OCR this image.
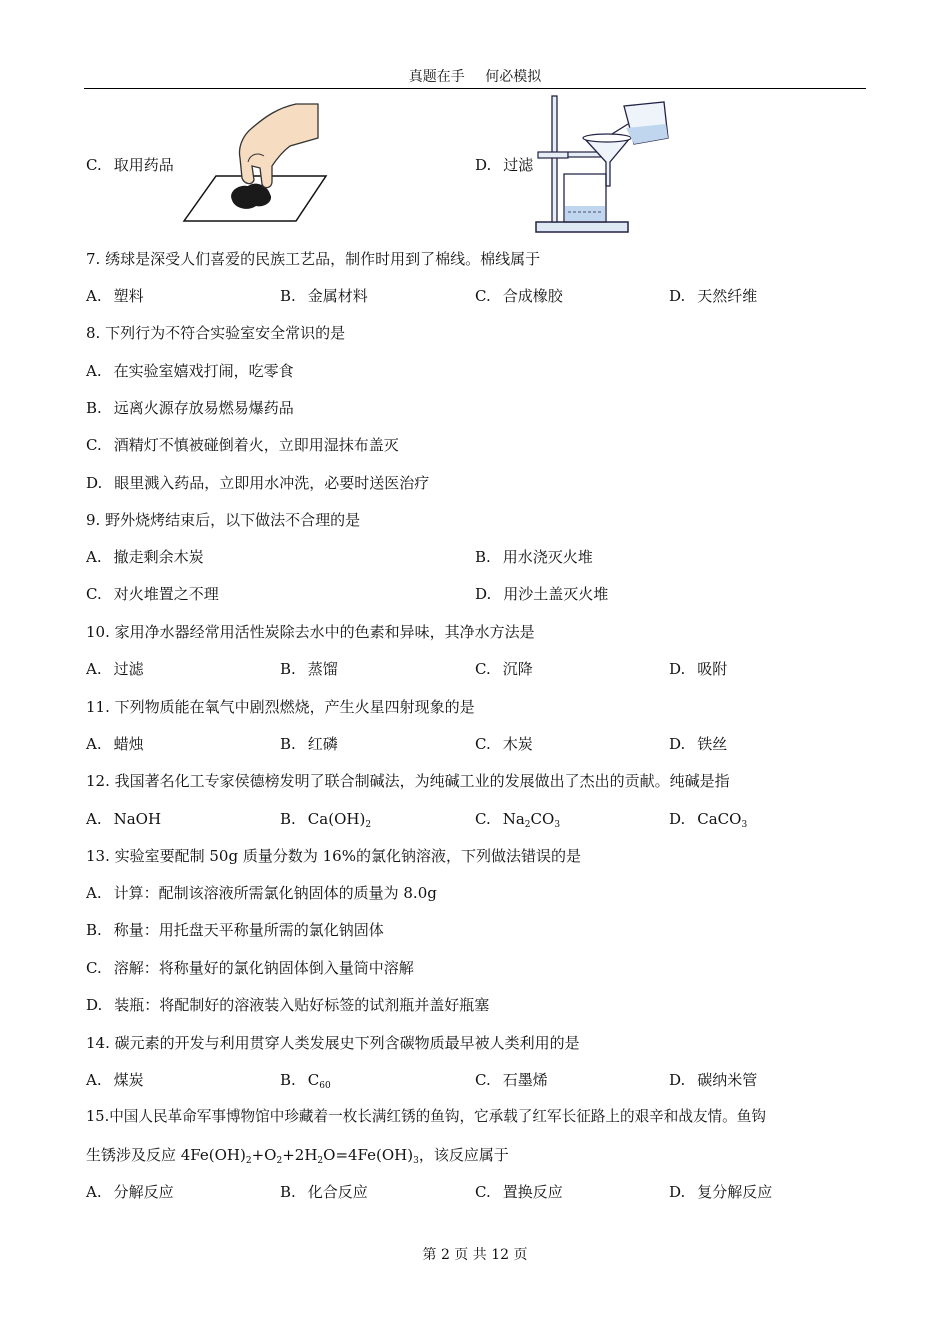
真题在手 何必模拟
C. 取用药品	D. 过滤
7. 绣球是深受人们喜爱的民族工艺品，制作时用到了棉线。棉线属于
A. 塑料	B. 金属材料	C. 合成橡胶	D. 天然纤维
8. 下列行为不符合实验室安全常识的是
A. 在实验室嬉戏打闹，吃零食
B. 远离火源存放易燃易爆药品
C. 酒精灯不慎被碰倒着火，立即用湿抹布盖灭
D. 眼里溅入药品，立即用水冲洗，必要时送医治疗
9. 野外烧烤结束后，以下做法不合理的是
A. 撤走剩余木炭	B. 用水浇灭火堆
C. 对火堆置之不理	D. 用沙土盖灭火堆
10. 家用净水器经常用活性炭除去水中的色素和异味，其净水方法是
A. 过滤	B. 蒸馏	C. 沉降	D. 吸附
11. 下列物质能在氧气中剧烈燃烧，产生火星四射现象的是
A. 蜡烛	B. 红磷	C. 木炭	D. 铁丝
12. 我国著名化工专家侯德榜发明了联合制碱法，为纯碱工业的发展做出了杰出的贡献。纯碱是指
A. NaOH	B. $Ca(OH)_2$	C. $Na_2CO_3$	D. CaCO$_3$
13. 实验室要配制 50g 质量分数为 16%的氯化钠溶液，下列做法错误的是
A. 计算：配制该溶液所需氯化钠固体的质量为 8.0g
B. 称量：用托盘天平称量所需的氯化钠固体
C. 溶解：将称量好的氯化钠固体倒入量筒中溶解
D. 装瓶：将配制好的溶液装入贴好标签的试剂瓶并盖好瓶塞
14. 碳元素的开发与利用贯穿人类发展史下列含碳物质最早被人类利用的是
A. 煤炭	B. $C_{60}$	C. 石墨烯	D. 碳纳米管
15.中国人民革命军事博物馆中珍藏着一枚长满红锈的鱼钩，它承载了红军长征路上的艰辛和战友情。鱼钩
生锈涉及反应 $4Fe(OH)_2+O_2+2H_2O=4Fe(OH)_3$，该反应属于
A. 分解反应	B. 化合反应	C. 置换反应	D. 复分解反应
第 2 页 共 12 页
